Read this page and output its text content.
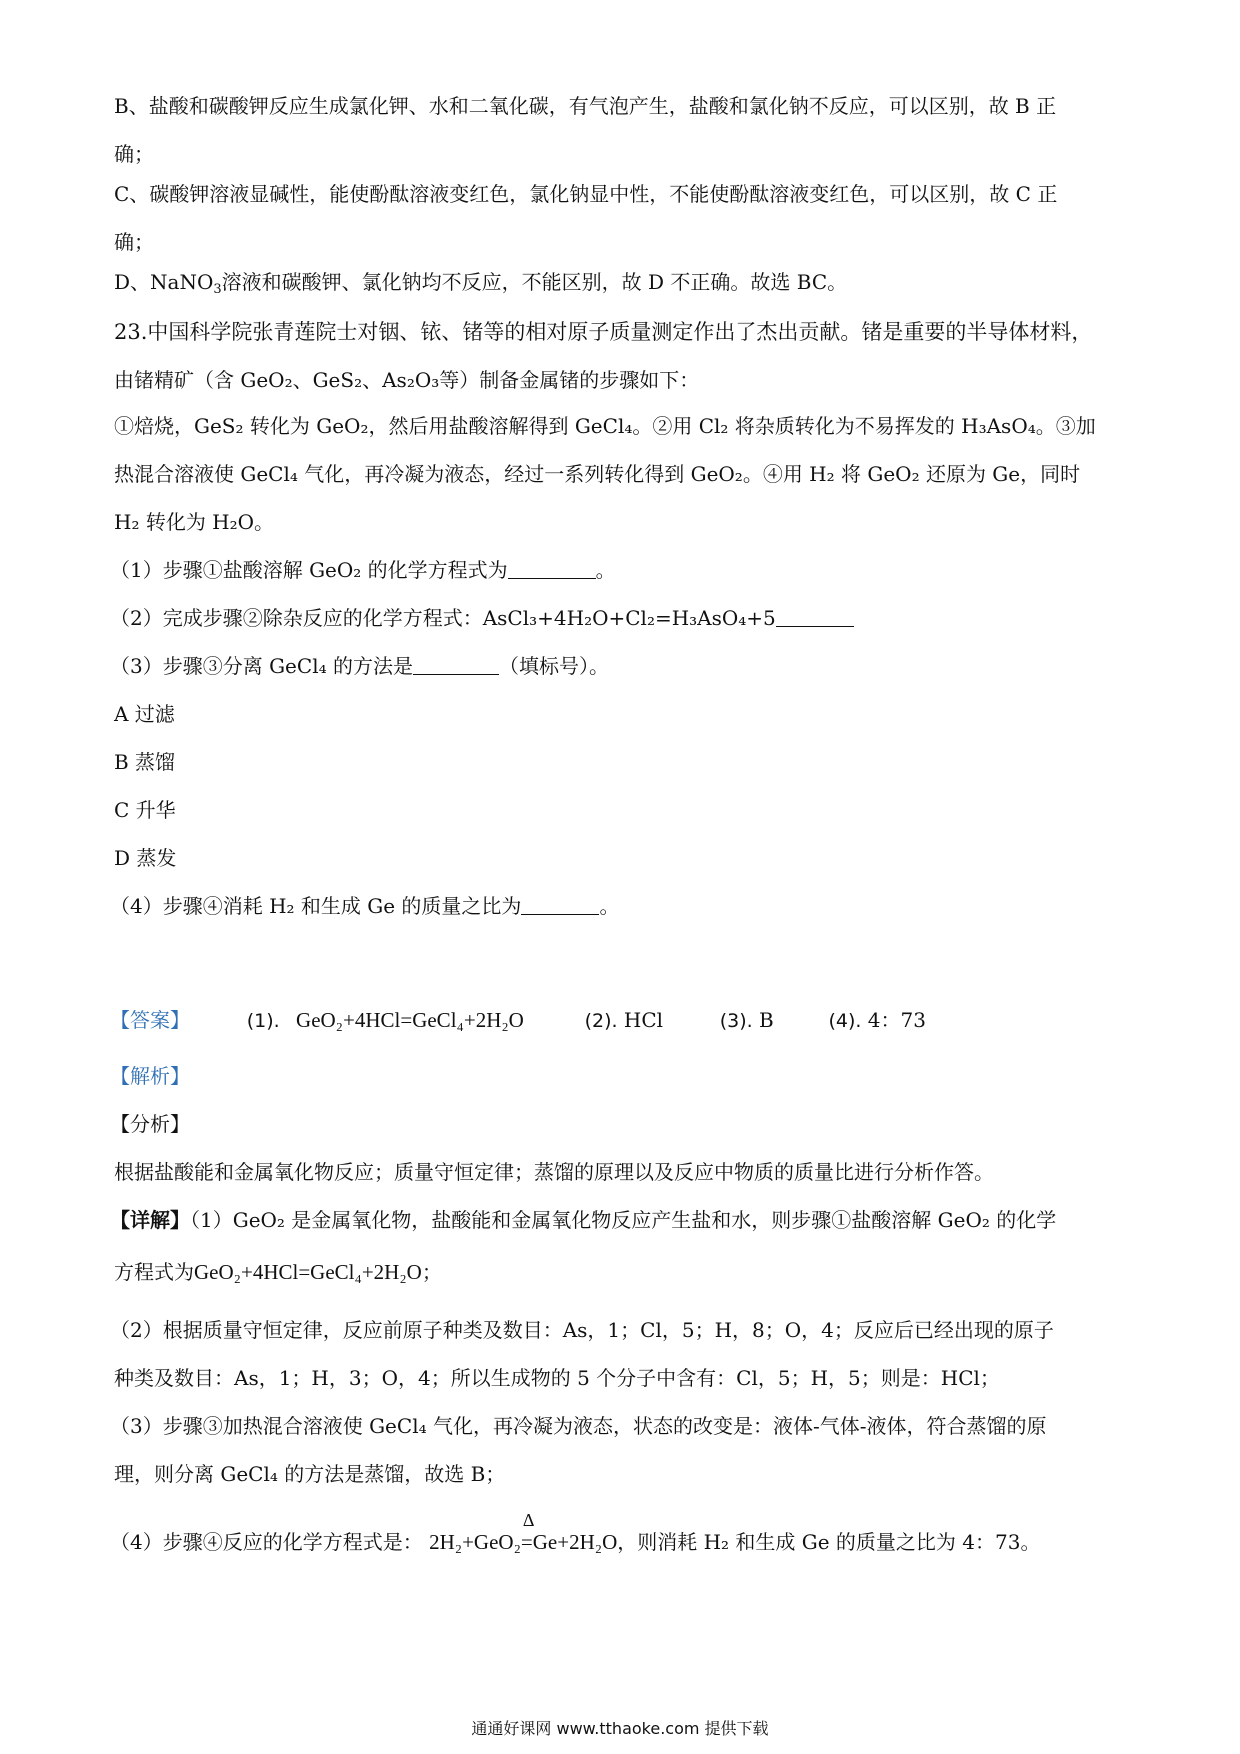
B、盐酸和碳酸钾反应生成氯化钾、水和二氧化碳，有气泡产生，盐酸和氯化钠不反应，可以区别，故 B 正
确；
C、碳酸钾溶液显碱性，能使酚酞溶液变红色，氯化钠显中性，不能使酚酞溶液变红色，可以区别，故 C 正
确；
D、NaNO$_3$溶液和碳酸钾、氯化钠均不反应，不能区别，故 D 不正确。故选 BC。
23.中国科学院张青莲院士对铟、铱、锗等的相对原子质量测定作出了杰出贡献。锗是重要的半导体材料，
由锗精矿（含 GeO₂、GeS₂、As₂O₃等）制备金属锗的步骤如下：
①焙烧，GeS₂ 转化为 GeO₂，然后用盐酸溶解得到 GeCl₄。②用 Cl₂ 将杂质转化为不易挥发的 H₃AsO₄。③加
热混合溶液使 GeCl₄ 气化，再冷凝为液态，经过一系列转化得到 GeO₂。④用 H₂ 将 GeO₂ 还原为 Ge，同时
H₂ 转化为 H₂O。
（1）步骤①盐酸溶解 GeO₂ 的化学方程式为	。
（2）完成步骤②除杂反应的化学方程式：AsCl₃+4H₂O+Cl₂=H₃AsO₄+5
（3）步骤③分离 GeCl₄ 的方法是	（填标号）。
A 过滤
B 蒸馏
C 升华
D 蒸发
（4）步骤④消耗 H₂ 和生成 Ge 的质量之比为	。
【答案】	(1). GeO₂+4HCl=GeCl₄+2H₂O	(2). HCl	(3). B	(4). 4：73
【解析】
【分析】
根据盐酸能和金属氧化物反应；质量守恒定律；蒸馏的原理以及反应中物质的质量比进行分析作答。
【详解】（1）GeO₂ 是金属氧化物，盐酸能和金属氧化物反应产生盐和水，则步骤①盐酸溶解 GeO₂ 的化学
方程式为GeO₂+4HCl=GeCl₄+2H₂O；
（2）根据质量守恒定律，反应前原子种类及数目：As，1；Cl，5；H，8；O，4；反应后已经出现的原子
种类及数目：As，1；H，3；O，4；所以生成物的 5 个分子中含有：Cl，5；H，5；则是：HCl；
（3）步骤③加热混合溶液使 GeCl₄ 气化，再冷凝为液态，状态的改变是：液体-气体-液体，符合蒸馏的原
理，则分离 GeCl₄ 的方法是蒸馏，故选 B；
（4）步骤④反应的化学方程式是： 2H₂+GeO₂
Δ
=Ge+2H₂O，则消耗 H₂ 和生成 Ge 的质量之比为 4：73。
通通好课网 www.tthaoke.com 提供下载
